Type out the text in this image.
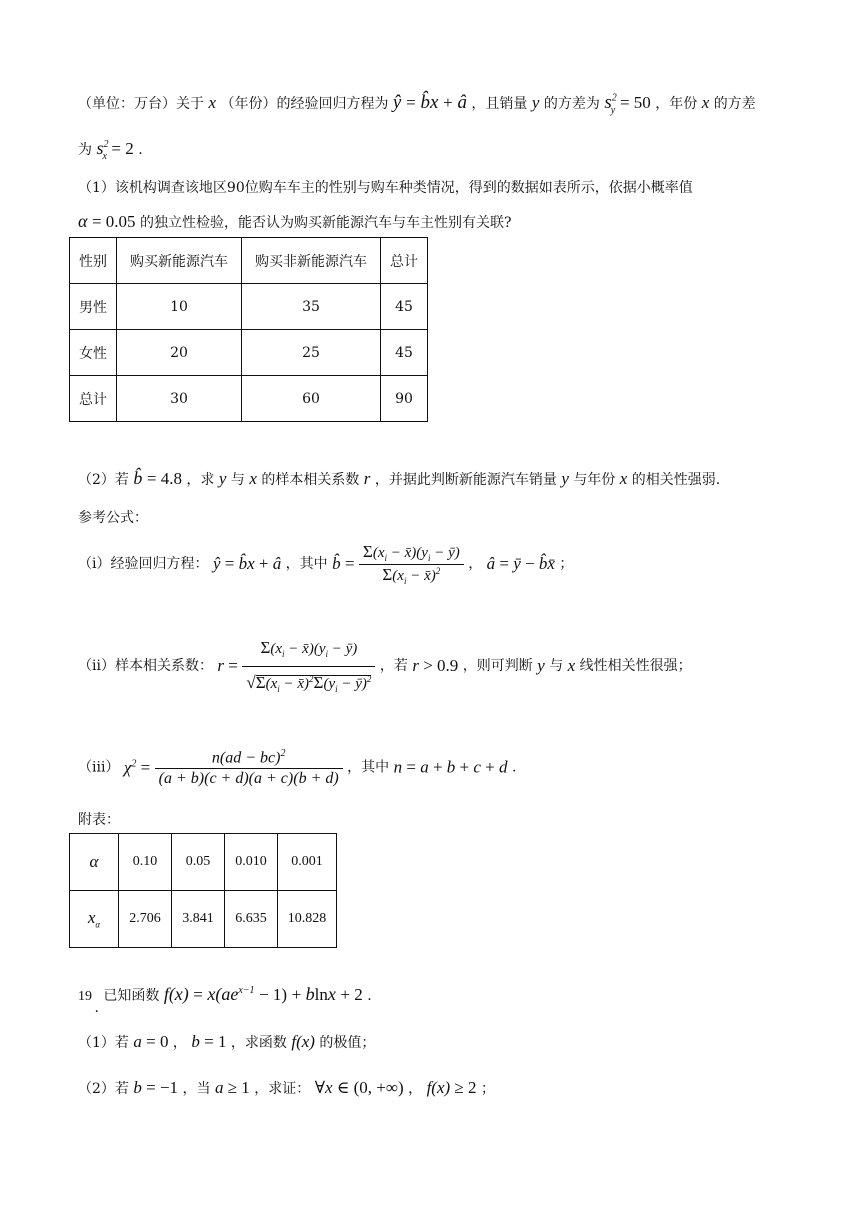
（单位：万台）关于 x （年份）的经验回归方程为 ŷ = b̂x + â ，且销量 y 的方差为 $s^2_y = 50$ ，年份 x 的方差
为 $s^2_x = 2$ .
（1）该机构调查该地区90位购车车主的性别与购车种类情况，得到的数据如表所示，依据小概率值
α = 0.05 的独立性检验，能否认为购买新能源汽车与车主性别有关联?
性别	购买新能源汽车	购买非新能源汽车	总计
男性	10	35	45
女性	20	25	45
总计	30	60	90
（2）若 b̂ = 4.8 ，求 y 与 x 的样本相关系数 r ，并据此判断新能源汽车销量 y 与年份 x 的相关性强弱.
参考公式：
（i）经验回归方程： ŷ = b̂x + â ，其中 b̂ = $\frac{\Sigma(x_i - x̄)(y_i - ȳ)}{\Sigma(x_i - x̄)^2}$ ， â = ȳ − b̂x̄ ；
（ii）样本相关系数： $r = \frac{\Sigma(x_i - x̄)(y_i - ȳ)}{√\Sigma(x_i - x̄)^2\Sigma(y_i - ȳ)^2}$ ，若 r > 0.9 ，则可判断 y 与 x 线性相关性很强；
（iii） $\chi^2 = \frac{n(ad - bc)^2}{(a + b)(c + d)(a + c)(b + d)}$ ，其中 n = a + b + c + d .
附表：
α	0.10	0.05	0.010	0.001
$x_\alpha$	2.706	3.841	6.635	10.828
19 . 已知函数 $f(x) = x(ae^{x-1} - 1) + blnx + 2$ .
（1）若 a = 0 ， b = 1 ，求函数 f(x) 的极值；
（2）若 b = −1 ，当 a ≥ 1 ，求证： ∀x ∈ (0, +∞) ， f(x) ≥ 2 ；
